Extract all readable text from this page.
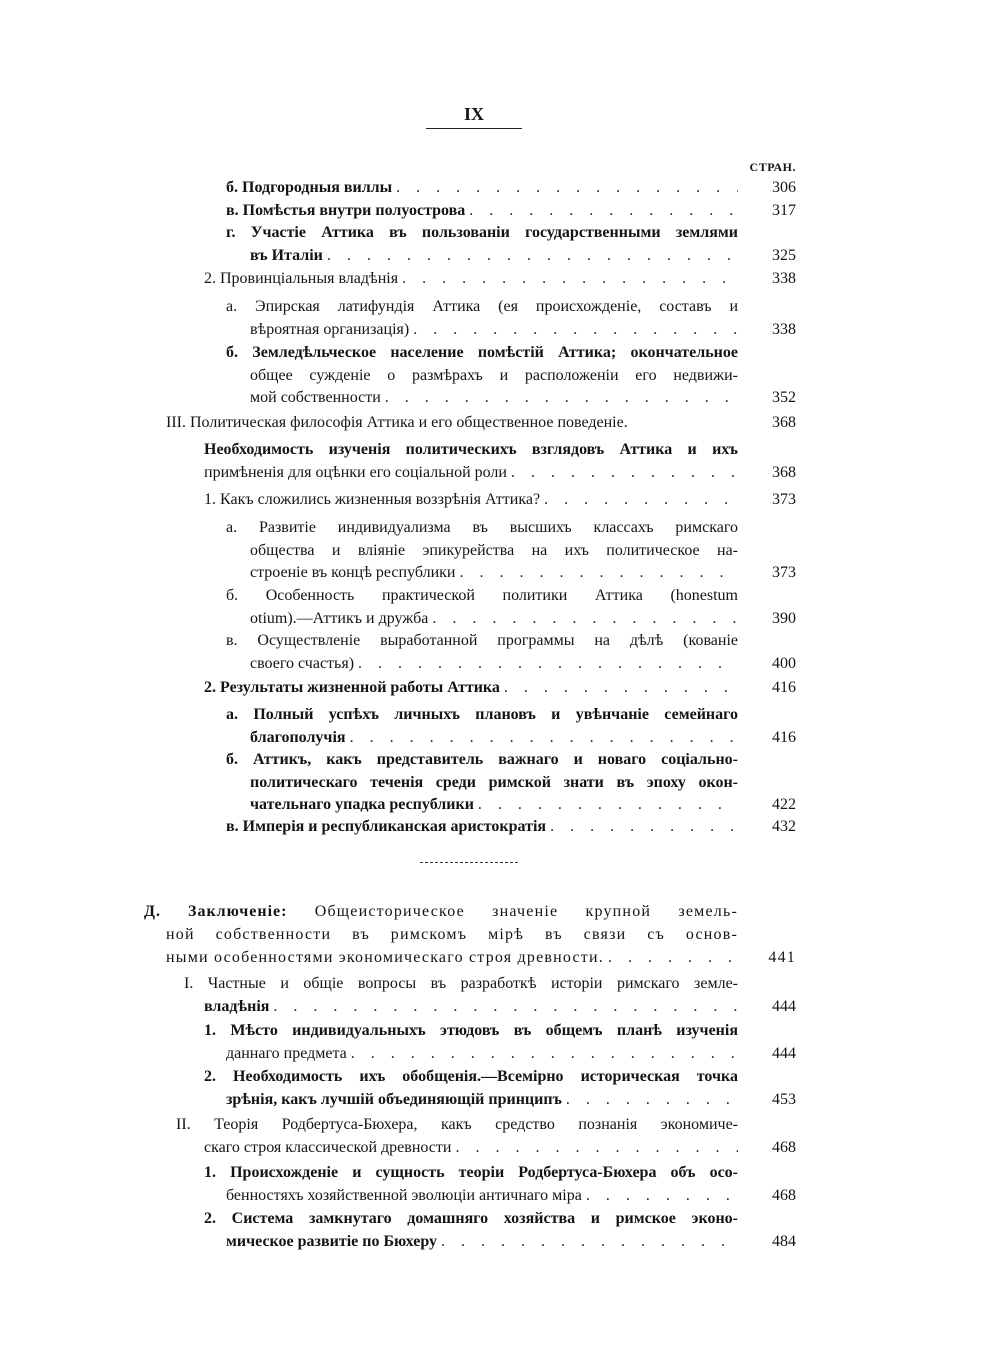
IX
СТРАН.
б. Подгородныя виллы . . .	306
в. Помѣстья внутри полуострова . . .	317
г. Участіе Аттика въ пользованіи государственными землями
въ Италіи . . .	325
2. Провинціальныя владѣнія . . .	338
а. Эпирская латифундія Аттика (ея происхожденіе, составъ и
вѣроятная организація) . . .	338
б. Земледѣльческое население помѣстій Аттика; окончательное
общее сужденіе о размѣрахъ и расположеніи его недвижи-
мой собственности . . .	352
III. Политическая философія Аттика и его общественное поведеніе.	368
Необходимость изученія политическихъ взглядовъ Аттика и ихъ
примѣненія для оцѣнки его соціальной роли . . .	368
1. Какъ сложились жизненныя воззрѣнія Аттика? . . .	373
а. Развитіе индивидуализма въ высшихъ классахъ римскаго
общества и вліяніе эпикурейства на ихъ политическое на-
строеніе въ концѣ республики . . .	373
б. Особенность практической политики Аттика (honestum
otium).—Аттикъ и дружба . . .	390
в. Осуществленіе выработанной программы на дѣлѣ (кованіе
своего счастья) . . .	400
2. Результаты жизненной работы Аттика . . .	416
а. Полный успѣхъ личныхъ плановъ и увѣнчаніе семейнаго
благополучія . . .	416
б. Аттикъ, какъ представитель важнаго и новаго соціально-
политическаго теченія среди римской знати въ эпоху окон-
чательнаго упадка республики . . .	422
в. Имперія и республиканская аристократія . . .	432
Д. Заключеніе: Общеисторическое значеніе крупной земель-
ной собственности въ римскомъ мірѣ въ связи съ основ-
ными особенностями экономическаго строя древности. . . .	441
I. Частные и общіе вопросы въ разработкѣ исторіи римскаго земле-
владѣнія . . .	444
1. Мѣсто индивидуальныхъ этюдовъ въ общемъ планѣ изученія
даннаго предмета . . .	444
2. Необходимость ихъ обобщенія.—Всемірно историческая точка
зрѣнія, какъ лучшій объединяющій принципъ . . .	453
II. Теорія Родбертуса-Бюхера, какъ средство познанія экономиче-
скаго строя классической древности . . .	468
1. Происхожденіе и сущность теоріи Родбертуса-Бюхера объ осо-
бенностяхъ хозяйственной эволюціи античнаго міра . . .	468
2. Система замкнутаго домашняго хозяйства и римское эконо-
мическое развитіе по Бюхеру . . .	484
